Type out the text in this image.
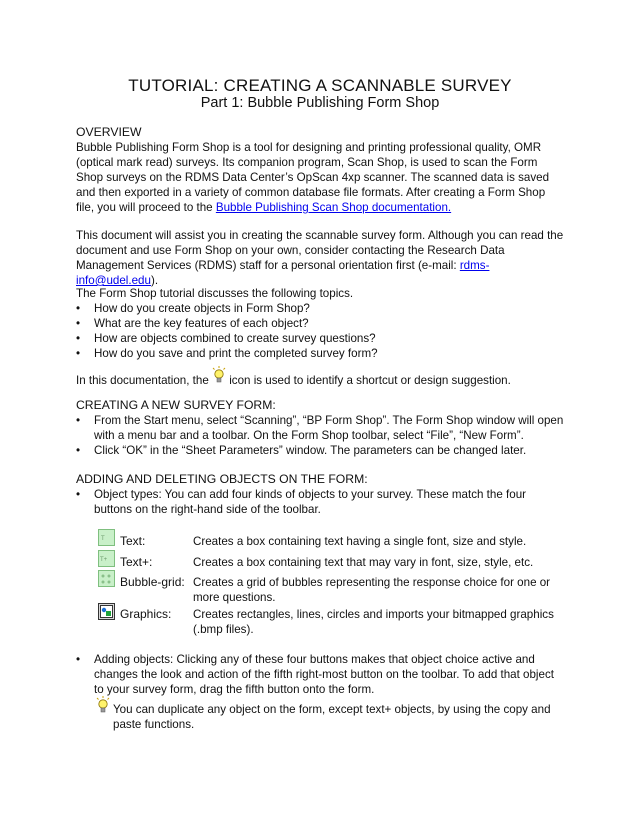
TUTORIAL: CREATING A SCANNABLE SURVEY
Part 1: Bubble Publishing Form Shop
OVERVIEW
Bubble Publishing Form Shop is a tool for designing and printing professional quality, OMR (optical mark read) surveys. Its companion program, Scan Shop, is used to scan the Form Shop surveys on the RDMS Data Center’s OpScan 4xp scanner. The scanned data is saved and then exported in a variety of common database file formats. After creating a Form Shop file, you will proceed to the Bubble Publishing Scan Shop documentation.
This document will assist you in creating the scannable survey form. Although you can read the document and use Form Shop on your own, consider contacting the Research Data Management Services (RDMS) staff for a personal orientation first (e-mail: rdms-info@udel.edu).
The Form Shop tutorial discusses the following topics.
• How do you create objects in Form Shop?
• What are the key features of each object?
• How are objects combined to create survey questions?
• How do you save and print the completed survey form?
In this documentation, the  icon is used to identify a shortcut or design suggestion.
CREATING A NEW SURVEY FORM:
• From the Start menu, select “Scanning”, “BP Form Shop”. The Form Shop window will open with a menu bar and a toolbar. On the Form Shop toolbar, select “File”, “New Form”.
• Click “OK” in the “Sheet Parameters” window. The parameters can be changed later.
ADDING AND DELETING OBJECTS ON THE FORM:
• Object types: You can add four kinds of objects to your survey. These match the four buttons on the right-hand side of the toolbar.
T Text:	Creates a box containing text having a single font, size and style.
T+ Text+:	Creates a box containing text that may vary in font, size, style, etc.
Bubble-grid: Creates a grid of bubbles representing the response choice for one or more questions.
Graphics: Creates rectangles, lines, circles and imports your bitmapped graphics (.bmp files).
• Adding objects: Clicking any of these four buttons makes that object choice active and changes the look and action of the fifth right-most button on the toolbar. To add that object to your survey form, drag the fifth button onto the form.
You can duplicate any object on the form, except text+ objects, by using the copy and paste functions.
